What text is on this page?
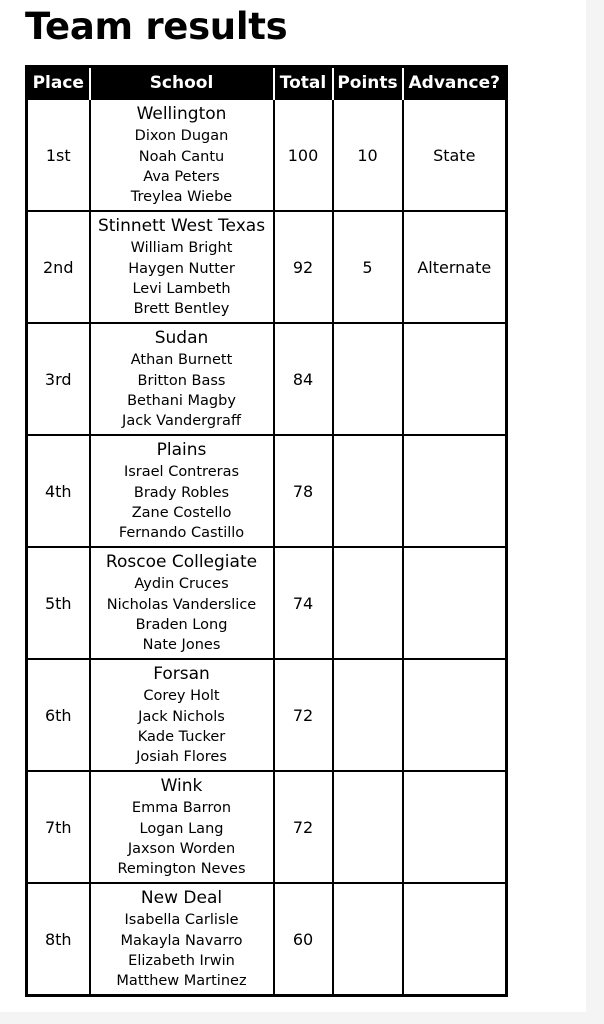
Team results
Place	School	Total	Points	Advance?
1st	Wellington
Dixon Dugan
Noah Cantu
Ava Peters
Treylea Wiebe	100	10	State
2nd	Stinnett West Texas
William Bright
Haygen Nutter
Levi Lambeth
Brett Bentley	92	5	Alternate
3rd	Sudan
Athan Burnett
Britton Bass
Bethani Magby
Jack Vandergraff	84		
4th	Plains
Israel Contreras
Brady Robles
Zane Costello
Fernando Castillo	78		
5th	Roscoe Collegiate
Aydin Cruces
Nicholas Vanderslice
Braden Long
Nate Jones	74		
6th	Forsan
Corey Holt
Jack Nichols
Kade Tucker
Josiah Flores	72		
7th	Wink
Emma Barron
Logan Lang
Jaxson Worden
Remington Neves	72		
8th	New Deal
Isabella Carlisle
Makayla Navarro
Elizabeth Irwin
Matthew Martinez	60		
